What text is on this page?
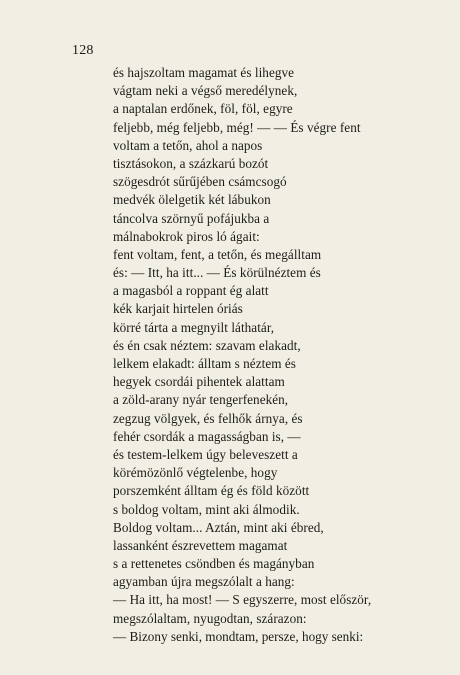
128
és hajszoltam magamat és lihegve
vágtam neki a végső meredélynek,
a naptalan erdőnek, föl, föl, egyre
feljebb, még feljebb, még! — — És végre fent
voltam a tetőn, ahol a napos
tisztásokon, a százkarú bozót
szögesdrót sűrűjében csámcsogó
medvék ölelgetik két lábukon
táncolva szörnyű pofájukba a
málnabokrok piros ló ágait:
fent voltam, fent, a tetőn, és megálltam
és: — Itt, ha itt... — És körülnéztem és
a magasból a roppant ég alatt
kék karjait hirtelen óriás
körré tárta a megnyilt láthatár,
és én csak néztem: szavam elakadt,
lelkem elakadt: álltam s néztem és
hegyek csordái pihentek alattam
a zöld-arany nyár tengerfenekén,
zegzug völgyek, és felhők árnya, és
fehér csordák a magasságban is, —
és testem-lelkem úgy beleveszett a
körémözönlő végtelenbe, hogy
porszemként álltam ég és föld között
s boldog voltam, mint aki álmodik.
Boldog voltam... Aztán, mint aki ébred,
lassanként észrevettem magamat
s a rettenetes csöndben és magányban
agyamban újra megszólalt a hang:
— Ha itt, ha most! — S egyszerre, most először,
megszólaltam, nyugodtan, szárazon:
— Bizony senki, mondtam, persze, hogy senki:
